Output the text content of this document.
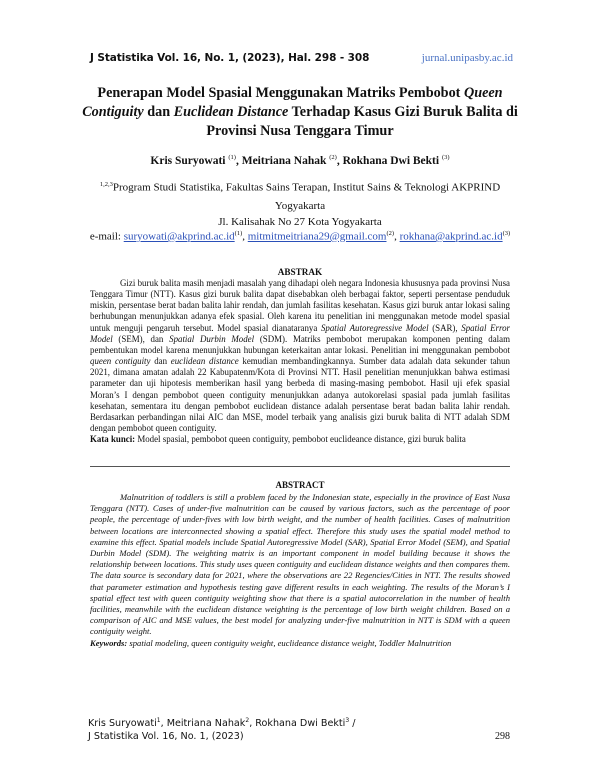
J Statistika Vol. 16, No. 1, (2023), Hal. 298 - 308	jurnal.unipasby.ac.id
Penerapan Model Spasial Menggunakan Matriks Pembobot Queen Contiguity dan Euclidean Distance Terhadap Kasus Gizi Buruk Balita di Provinsi Nusa Tenggara Timur
Kris Suryowati $^{(1)}$, Meitriana Nahak $^{(2)}$, Rokhana Dwi Bekti $^{(3)}$
$^{1,2,3}$Program Studi Statistika, Fakultas Sains Terapan, Institut Sains & Teknologi AKPRIND Yogyakarta
Jl. Kalisahak No 27 Kota Yogyakarta
e-mail: $suryowati@akprind.ac.id^{(1)}$, mitmitmeitriana29@gmail.com$^{(2)}$, $rokhana@akprind.ac.id^{(3)}$
ABSTRAK

Gizi buruk balita masih menjadi masalah yang dihadapi oleh negara Indonesia khususnya pada provinsi Nusa Tenggara Timur (NTT). Kasus gizi buruk balita dapat disebabkan oleh berbagai faktor, seperti persentase penduduk miskin, persentase berat badan balita lahir rendah, dan jumlah fasilitas kesehatan. Kasus gizi buruk antar lokasi saling berhubungan menunjukkan adanya efek spasial. Oleh karena itu penelitian ini menggunakan metode model spasial untuk menguji pengaruh tersebut. Model spasial dianataranya Spatial Autoregressive Model (SAR), Spatial Error Model (SEM), dan Spatial Durbin Model (SDM). Matriks pembobot merupakan komponen penting dalam pembentukan model karena menunjukkan hubungan keterkaitan antar lokasi. Penelitian ini menggunakan pembobot queen contiguity dan euclidean distance kemudian membandingkannya. Sumber data adalah data sekunder tahun 2021, dimana amatan adalah 22 Kabupatenm/Kota di Provinsi NTT. Hasil penelitian menunjukkan bahwa estimasi parameter dan uji hipotesis memberikan hasil yang berbeda di masing-masing pembobot. Hasil uji efek spasial Moran’s I dengan pembobot queen contiguity menunjukkan adanya autokorelasi spasial pada jumlah fasilitas kesehatan, sementara itu dengan pembobot euclidean distance adalah persentase berat badan balita lahir rendah. Berdasarkan perbandingan nilai AIC dan MSE, model terbaik yang analisis gizi buruk balita di NTT adalah SDM dengan pembobot queen contiguity.

Kata kunci: Model spasial, pembobot queen contiguity, pembobot euclideance distance, gizi buruk balita
ABSTRACT

Malnutrition of toddlers is still a problem faced by the Indonesian state, especially in the province of East Nusa Tenggara (NTT). Cases of under-five malnutrition can be caused by various factors, such as the percentage of poor people, the percentage of under-fives with low birth weight, and the number of health facilities. Cases of malnutrition between locations are interconnected showing a spatial effect. Therefore this study uses the spatial model method to examine this effect. Spatial models include Spatial Autoregressive Model (SAR), Spatial Error Model (SEM), and Spatial Durbin Model (SDM). The weighting matrix is an important component in model building because it shows the relationship between locations. This study uses queen contiguity and euclidean distance weights and then compares them. The data source is secondary data for 2021, where the observations are 22 Regencies/Cities in NTT. The results showed that parameter estimation and hypothesis testing gave different results in each weighting. The results of the Moran’s I spatial effect test with queen contiguity weighting show that there is a spatial autocorrelation in the number of health facilities, meanwhile with the euclidean distance weighting is the percentage of low birth weight children. Based on a comparison of AIC and MSE values, the best model for analyzing under-five malnutrition in NTT is SDM with a queen contiguity weight.

Keywords: spatial modeling, queen contiguity weight, euclideance distance weight, Toddler Malnutrition
Kris Suryowati$^1$, Meitriana Nahak$^2$, Rokhana Dwi Bekti$^3$ /
J Statistika Vol. 16, No. 1, (2023)	298
